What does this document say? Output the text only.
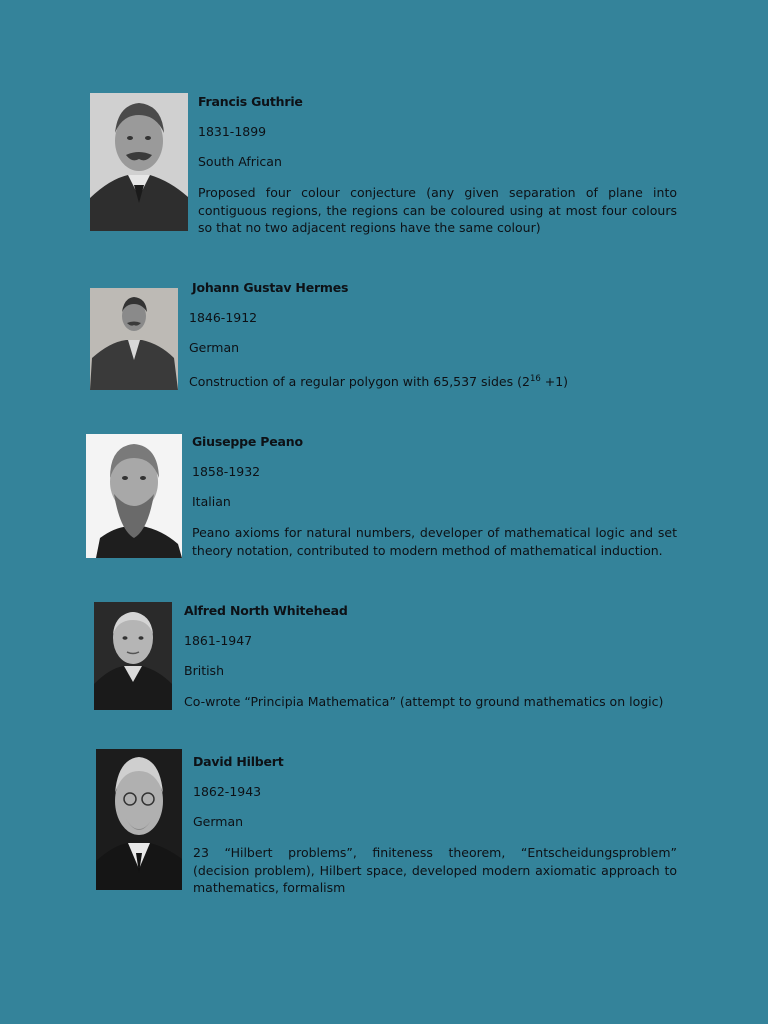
Francis Guthrie

1831-1899

South African

Proposed four colour conjecture (any given separation of plane into contiguous regions, the regions can be coloured using at most four colours so that no two adjacent regions have the same colour)

Johann Gustav Hermes

1846-1912

German

Construction of a regular polygon with 65,537 sides $(2^{16} +1)$

Giuseppe Peano

1858-1932

Italian

Peano axioms for natural numbers, developer of mathematical logic and set theory notation, contributed to modern method of mathematical induction.

Alfred North Whitehead

1861-1947

British

Co-wrote “Principia Mathematica” (attempt to ground mathematics on logic)

David Hilbert

1862-1943

German

23 “Hilbert problems”, finiteness theorem, “Entscheidungsproblem” (decision problem), Hilbert space, developed modern axiomatic approach to mathematics, formalism
